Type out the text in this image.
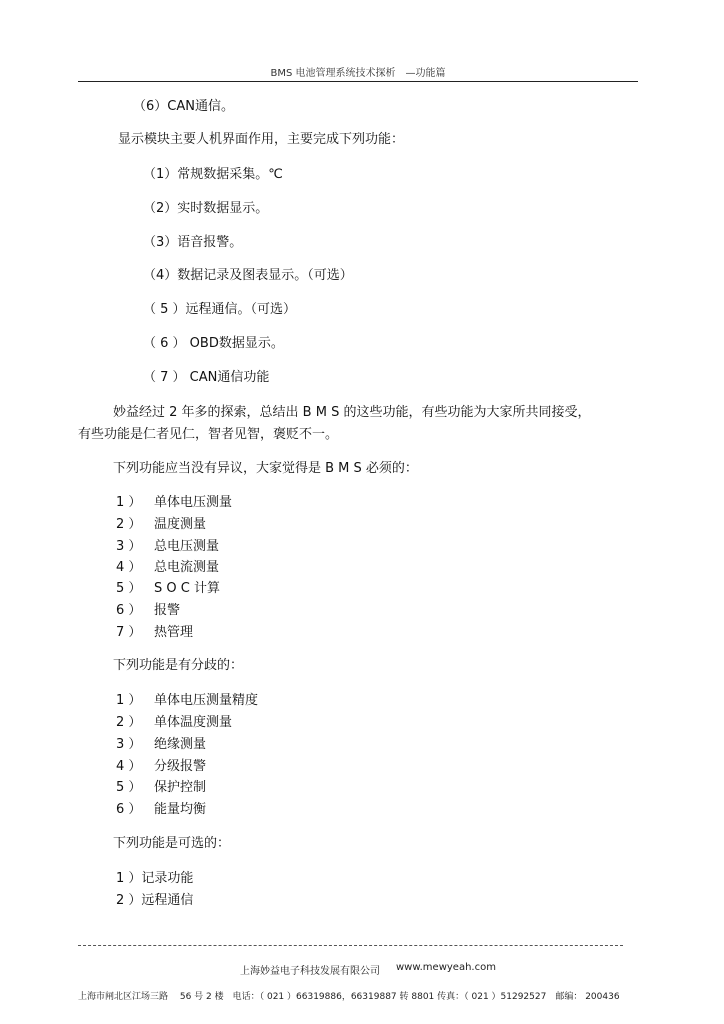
BMS 电池管理系统技术探析　—功能篇
（6）CAN通信。
显示模块主要人机界面作用，主要完成下列功能：
（1）常规数据采集。℃
（2）实时数据显示。
（3）语音报警。
（4）数据记录及图表显示。（可选）
（ 5 ）远程通信。（可选）
（ 6 ） OBD数据显示。
（ 7 ） CAN通信功能
妙益经过 2 年多的探索，总结出 B M S 的这些功能，有些功能为大家所共同接受，
有些功能是仁者见仁，智者见智，褒贬不一。
下列功能应当没有异议，大家觉得是 B M S 必须的：
1 ） 单体电压测量
2 ） 温度测量
3 ） 总电压测量
4 ） 总电流测量
5 ） S O C 计算
6 ） 报警
7 ） 热管理
下列功能是有分歧的：
1 ） 单体电压测量精度
2 ） 单体温度测量
3 ） 绝缘测量
4 ） 分级报警
5 ） 保护控制
6 ） 能量均衡
下列功能是可选的：
1 ）记录功能
2 ）远程通信
上海妙益电子科技发展有限公司 www.mewyeah.com
上海市闸北区江场三路　 56 号 2 楼　电话：（ 021 ）66319886，66319887 转 8801 传真：（ 021 ）51292527　邮编： 200436
